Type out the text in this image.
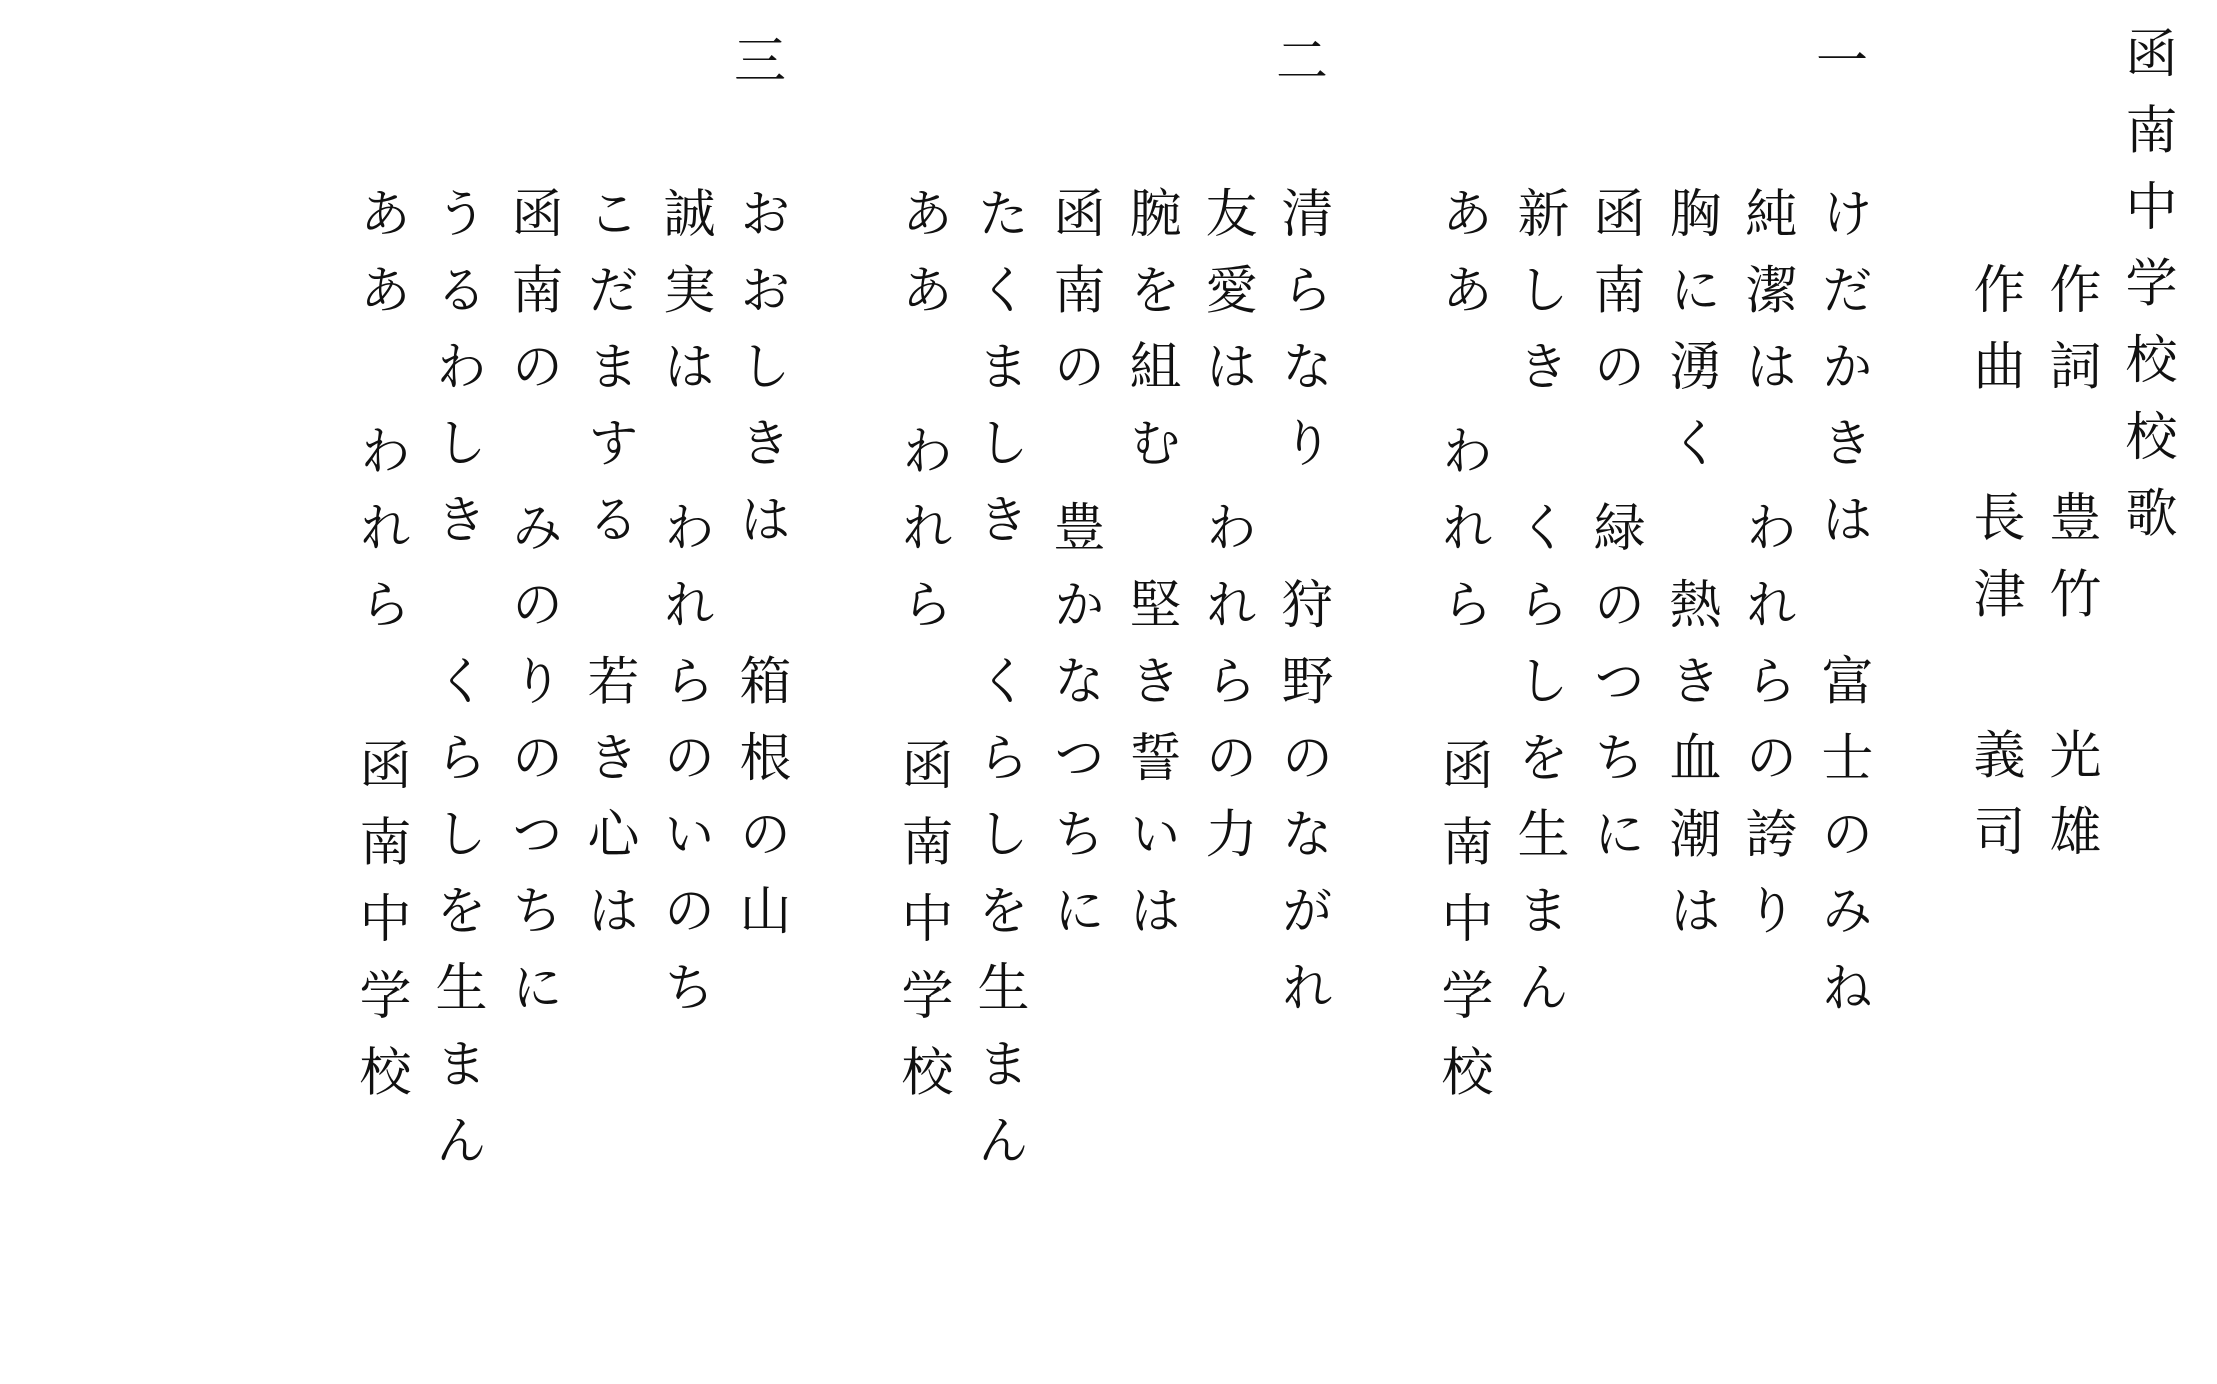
函南中学校校歌
作詞
豊竹 光雄
作曲
長津 義司
一
けだかきは 富士のみね
純潔は われらの誇り
胸に湧く 熱き血潮は
函南の 緑のつちに
新しき くらしを生まん
ああ われら 函南中学校
二
清らなり 狩野のながれ
友愛は われらの力
腕を組む 堅き誓いは
函南の 豊かなつちに
たくましき くらしを生まん
ああ われら 函南中学校
三
おおしきは 箱根の山
誠実は われらのいのち
こだまする 若き心は
函南の みのりのつちに
うるわしき くらしを生まん
ああ われら 函南中学校
